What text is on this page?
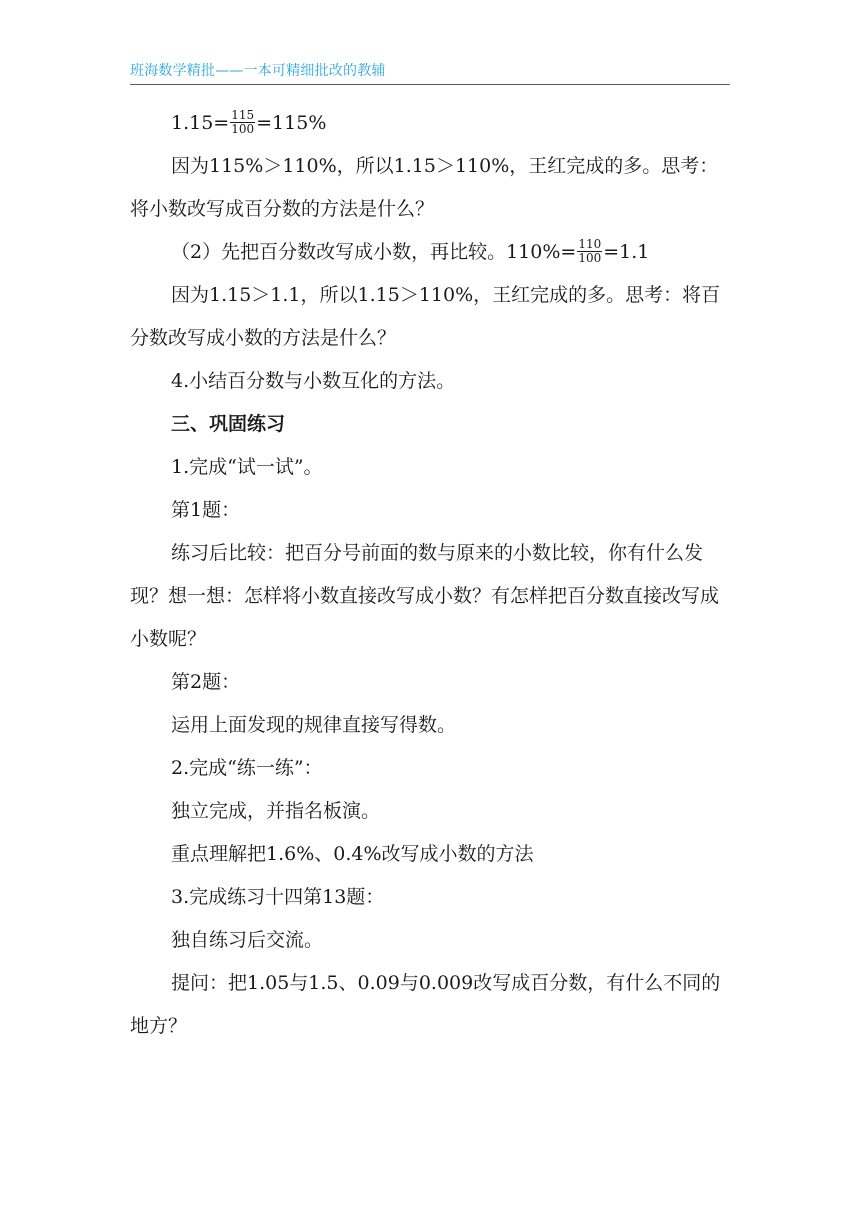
班海数学精批——一本可精细批改的教辅

$1.15= \frac{115}{100} =115\%$

因为115%＞110%，所以1.15＞110%，王红完成的多。思考：将小数改写成百分数的方法是什么？

（2）先把百分数改写成小数，再比较。$110\%= \frac{110}{100} =1.1$

因为1.15＞1.1，所以1.15＞110%，王红完成的多。思考：将百分数改写成小数的方法是什么？

4.小结百分数与小数互化的方法。

三、巩固练习

1.完成“试一试”。

第1题：

练习后比较：把百分号前面的数与原来的小数比较，你有什么发现？想一想：怎样将小数直接改写成小数？有怎样把百分数直接改写成小数呢？

第2题：

运用上面发现的规律直接写得数。

2.完成“练一练”：

独立完成，并指名板演。

重点理解把1.6%、0.4%改写成小数的方法

3.完成练习十四第13题：

独自练习后交流。

提问：把1.05与1.5、0.09与0.009改写成百分数，有什么不同的地方？
